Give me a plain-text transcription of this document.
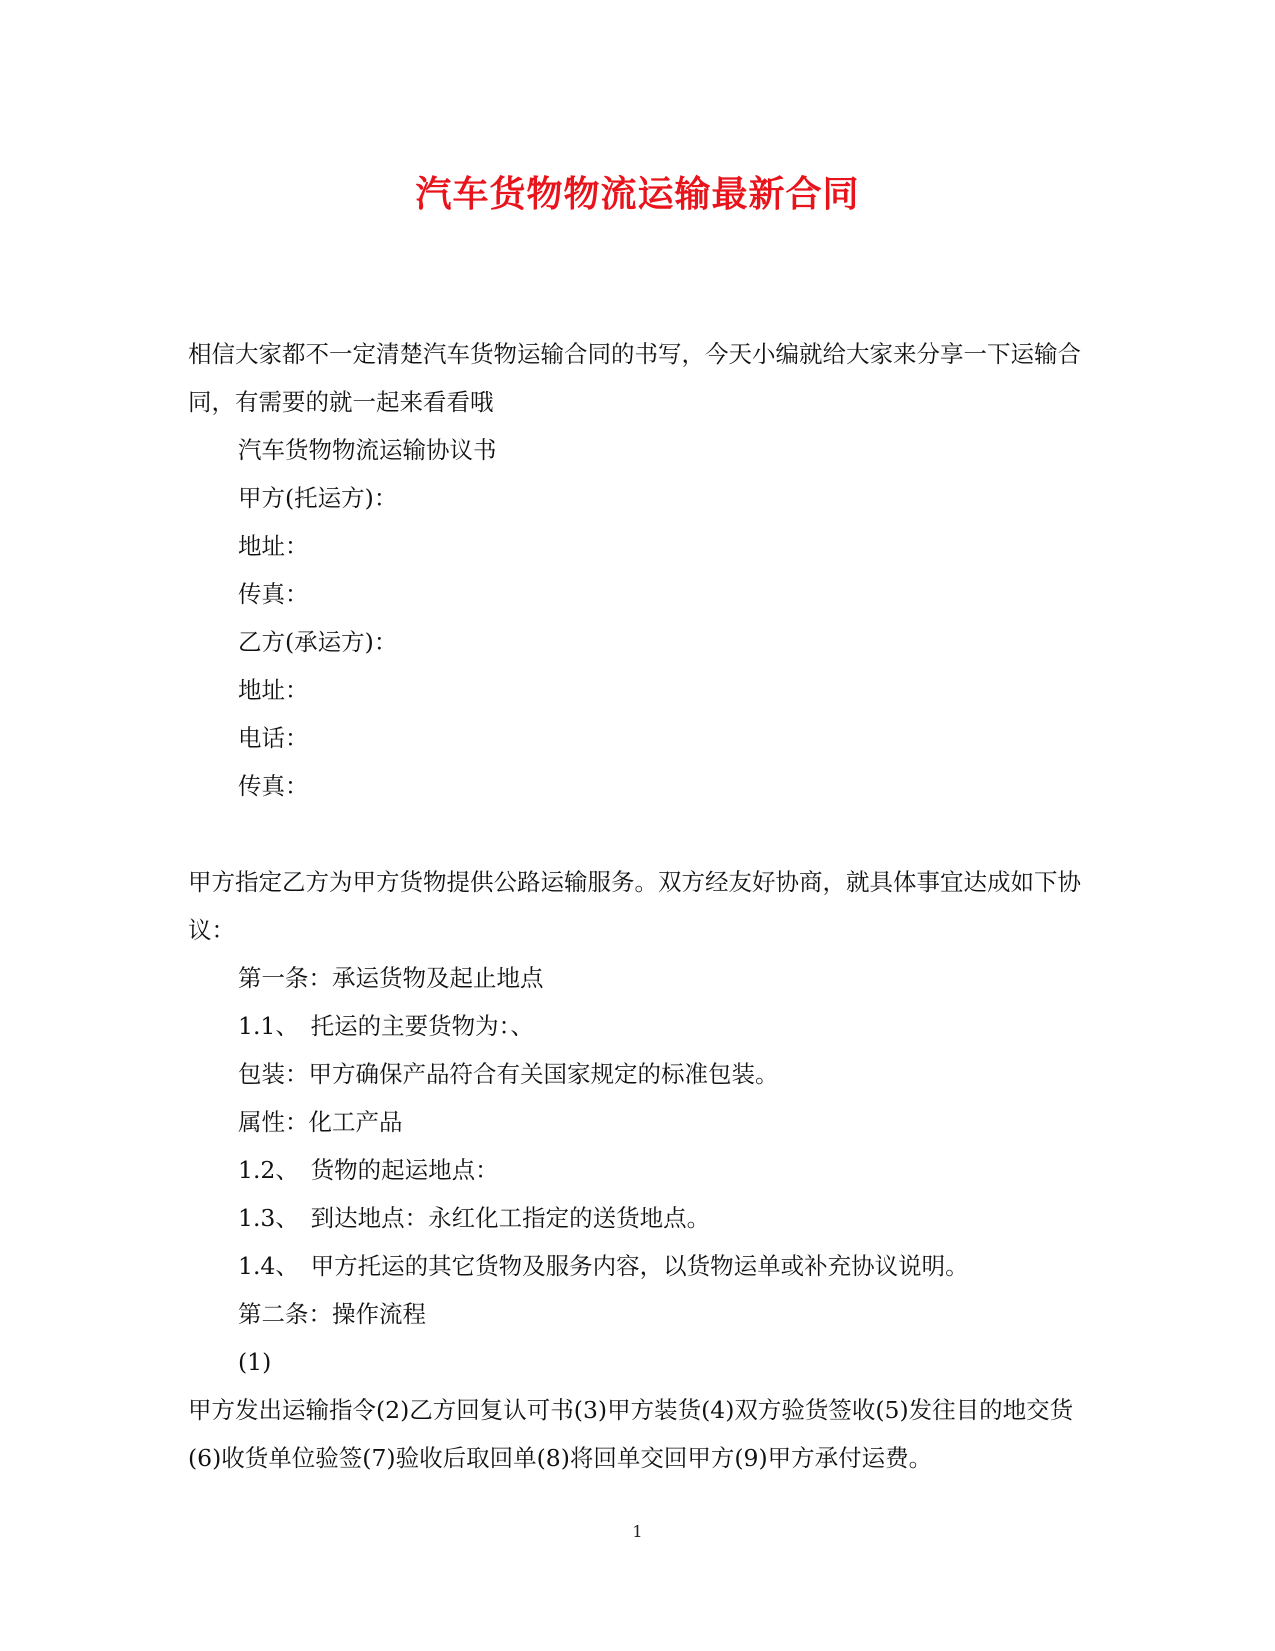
汽车货物物流运输最新合同

相信大家都不一定清楚汽车货物运输合同的书写，今天小编就给大家来分享一下运输合同，有需要的就一起来看看哦

汽车货物物流运输协议书

甲方(托运方)：

地址：

传真：

乙方(承运方)：

地址：

电话：

传真：

甲方指定乙方为甲方货物提供公路运输服务。双方经友好协商，就具体事宜达成如下协议：

第一条：承运货物及起止地点

1.1、　托运的主要货物为：、

包装：甲方确保产品符合有关国家规定的标准包装。

属性：化工产品

1.2、　货物的起运地点：

1.3、　到达地点：永红化工指定的送货地点。

1.4、　甲方托运的其它货物及服务内容，以货物运单或补充协议说明。

第二条：操作流程

(1)

甲方发出运输指令(2)乙方回复认可书(3)甲方装货(4)双方验货签收(5)发往目的地交货(6)收货单位验签(7)验收后取回单(8)将回单交回甲方(9)甲方承付运费。

1
